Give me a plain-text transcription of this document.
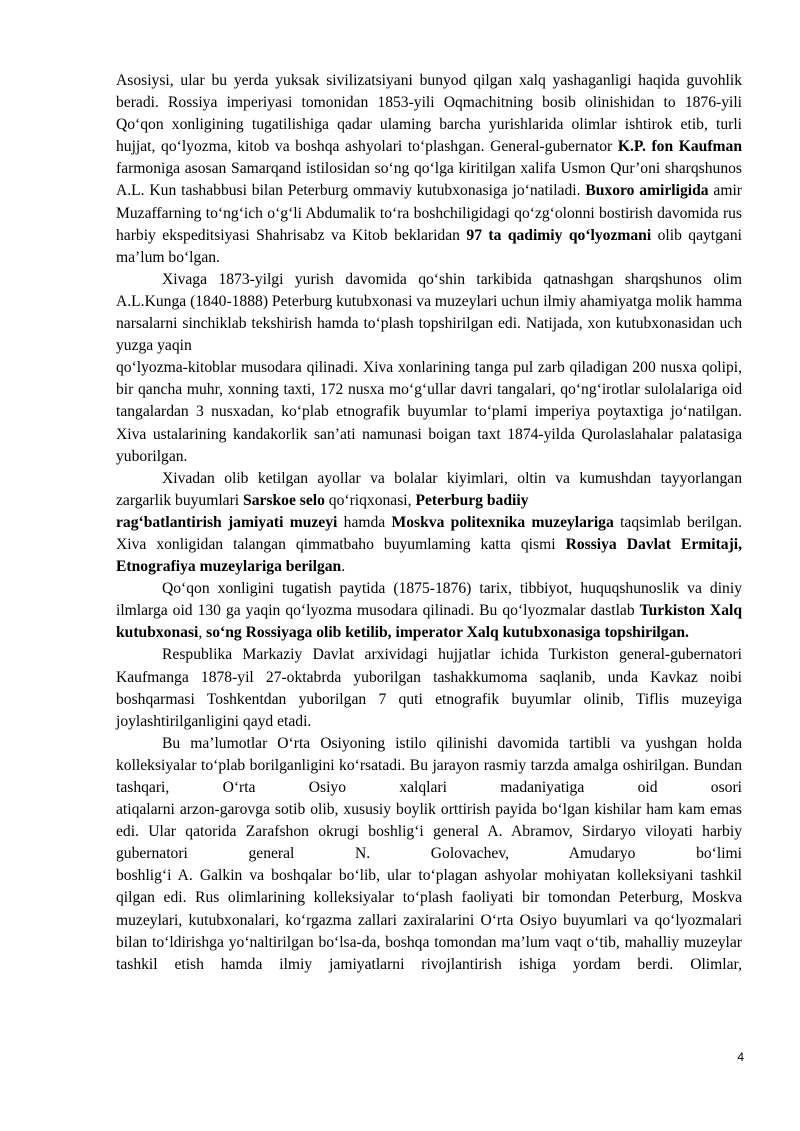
Asosiysi, ular bu yerda yuksak sivilizatsiyani bunyod qilgan xalq yashaganligi haqida guvohlik beradi. Rossiya imperiyasi tomonidan 1853-yili Oqmachitning bosib olinishidan to 1876-yili Qo‘qon xonligining tugatilishiga qadar ulaming barcha yurishlarida olimlar ishtirok etib, turli hujjat, qo‘lyozma, kitob va boshqa ashyolari to‘plashgan. General-gubernator K.P. fon Kaufman farmoniga asosan Samarqand istilosidan so‘ng qo‘lga kiritilgan xalifa Usmon Qur’oni sharqshunos A.L. Kun tashabbusi bilan Peterburg ommaviy kutubxonasiga jo‘natiladi. Buxoro amirligida amir Muzaffarning to‘ng‘ich o‘g‘li Abdumalik to‘ra boshchiligidagi qo‘zg‘olonni bostirish davomida rus harbiy ekspeditsiyasi Shahrisabz va Kitob beklaridan 97 ta qadimiy qo‘lyozmani olib qaytgani ma’lum bo‘lgan.

Xivaga 1873-yilgi yurish davomida qo‘shin tarkibida qatnashgan sharqshunos olim A.L.Kunga (1840-1888) Peterburg kutubxonasi va muzeylari uchun ilmiy ahamiyatga molik hamma narsalarni sinchiklab tekshirish hamda to‘plash topshirilgan edi. Natijada, xon kutubxonasidan uch yuzga yaqin
qo‘lyozma-kitoblar musodara qilinadi. Xiva xonlarining tanga pul zarb qiladigan 200 nusxa qolipi, bir qancha muhr, xonning taxti, 172 nusxa mo‘g‘ullar davri tangalari, qo‘ng‘irotlar sulolalariga oid tangalardan 3 nusxadan, ko‘plab etnografik buyumlar to‘plami imperiya poytaxtiga jo‘natilgan. Xiva ustalarining kandakorlik san’ati namunasi boigan taxt 1874-yilda Qurolaslahalar palatasiga yuborilgan.

Xivadan olib ketilgan ayollar va bolalar kiyimlari, oltin va kumushdan tayyorlangan zargarlik buyumlari Sarskoe selo qo‘riqxonasi, Peterburg badiiy
rag‘batlantirish jamiyati muzeyi hamda Moskva politexnika muzeylariga taqsimlab berilgan. Xiva xonligidan talangan qimmatbaho buyumlaming katta qismi Rossiya Davlat Ermitaji, Etnografiya muzeylariga berilgan.

Qo‘qon xonligini tugatish paytida (1875-1876) tarix, tibbiyot, huquqshunoslik va diniy ilmlarga oid 130 ga yaqin qo‘lyozma musodara qilinadi. Bu qo‘lyozmalar dastlab Turkiston Xalq kutubxonasi, so‘ng Rossiyaga olib ketilib, imperator Xalq kutubxonasiga topshirilgan.

Respublika Markaziy Davlat arxividagi hujjatlar ichida Turkiston general-gubernatori Kaufmanga 1878-yil 27-oktabrda yuborilgan tashakkumoma saqlanib, unda Kavkaz noibi boshqarmasi Toshkentdan yuborilgan 7 quti etnografik buyumlar olinib, Tiflis muzeyiga joylashtirilganligini qayd etadi.

Bu ma’lumotlar O‘rta Osiyoning istilo qilinishi davomida tartibli va yushgan holda kolleksiyalar to‘plab borilganligini ko‘rsatadi. Bu jarayon rasmiy tarzda amalga oshirilgan. Bundan tashqari, O‘rta Osiyo xalqlari madaniyatiga oid osori
atiqalarni arzon-garovga sotib olib, xususiy boylik orttirish payida bo‘lgan kishilar ham kam emas edi. Ular qatorida Zarafshon okrugi boshlig‘i general A. Abramov, Sirdaryo viloyati harbiy gubernatori general N. Golovachev, Amudaryo bo‘limi
boshlig‘i A. Galkin va boshqalar bo‘lib, ular to‘plagan ashyolar mohiyatan kolleksiyani tashkil qilgan edi. Rus olimlarining kolleksiyalar to‘plash faoliyati bir tomondan Peterburg, Moskva muzeylari, kutubxonalari, ko‘rgazma zallari zaxiralarini O‘rta Osiyo buyumlari va qo‘lyozmalari bilan to‘ldirishga yo‘naltirilgan bo‘lsa-da, boshqa tomondan ma’lum vaqt o‘tib, mahalliy muzeylar tashkil etish hamda ilmiy jamiyatlarni rivojlantirish ishiga yordam berdi. Olimlar,

4
